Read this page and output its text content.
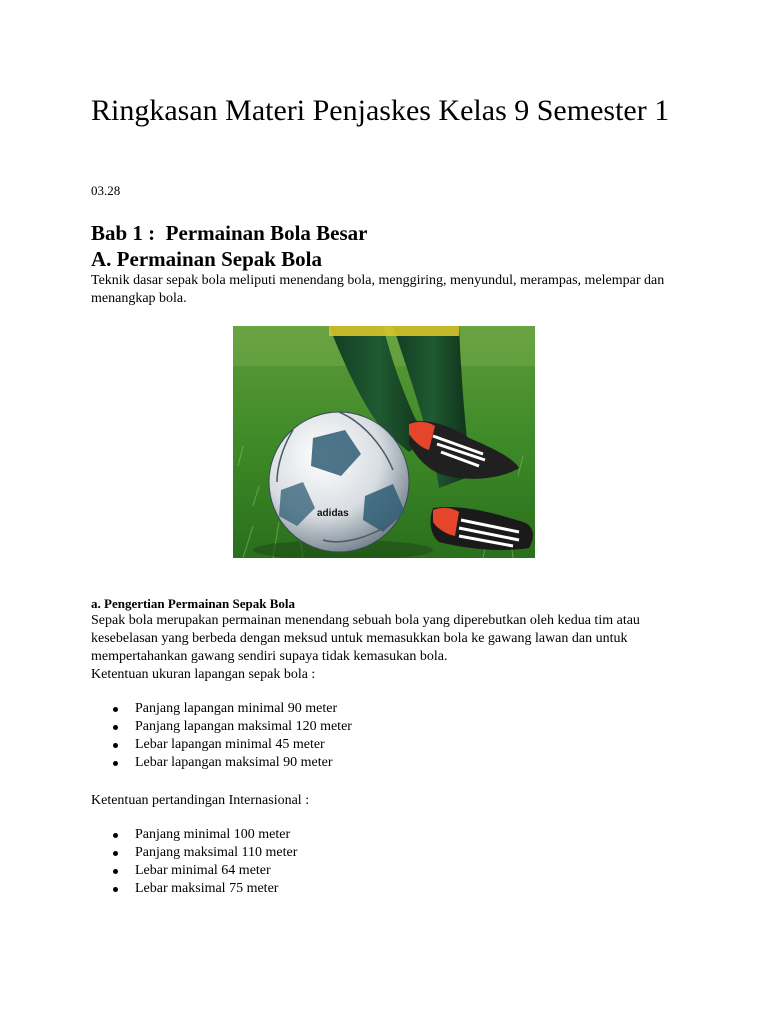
Ringkasan Materi Penjaskes Kelas 9 Semester 1
03.28
Bab 1 :  Permainan Bola Besar
A. Permainan Sepak Bola

Teknik dasar sepak bola meliputi menendang bola, menggiring, menyundul, merampas, melempar dan menangkap bola.

adidas
a. Pengertian Permainan Sepak Bola

Sepak bola merupakan permainan menendang sebuah bola yang diperebutkan oleh kedua tim atau kesebelasan yang berbeda dengan meksud untuk memasukkan bola ke gawang lawan dan untuk mempertahankan gawang sendiri supaya tidak kemasukan bola.

Ketentuan ukuran lapangan sepak bola :

Panjang lapangan minimal 90 meter
Panjang lapangan maksimal 120 meter
Lebar lapangan minimal 45 meter
Lebar lapangan maksimal 90 meter

Ketentuan pertandingan Internasional :

Panjang minimal 100 meter
Panjang maksimal 110 meter
Lebar minimal 64 meter
Lebar maksimal 75 meter
